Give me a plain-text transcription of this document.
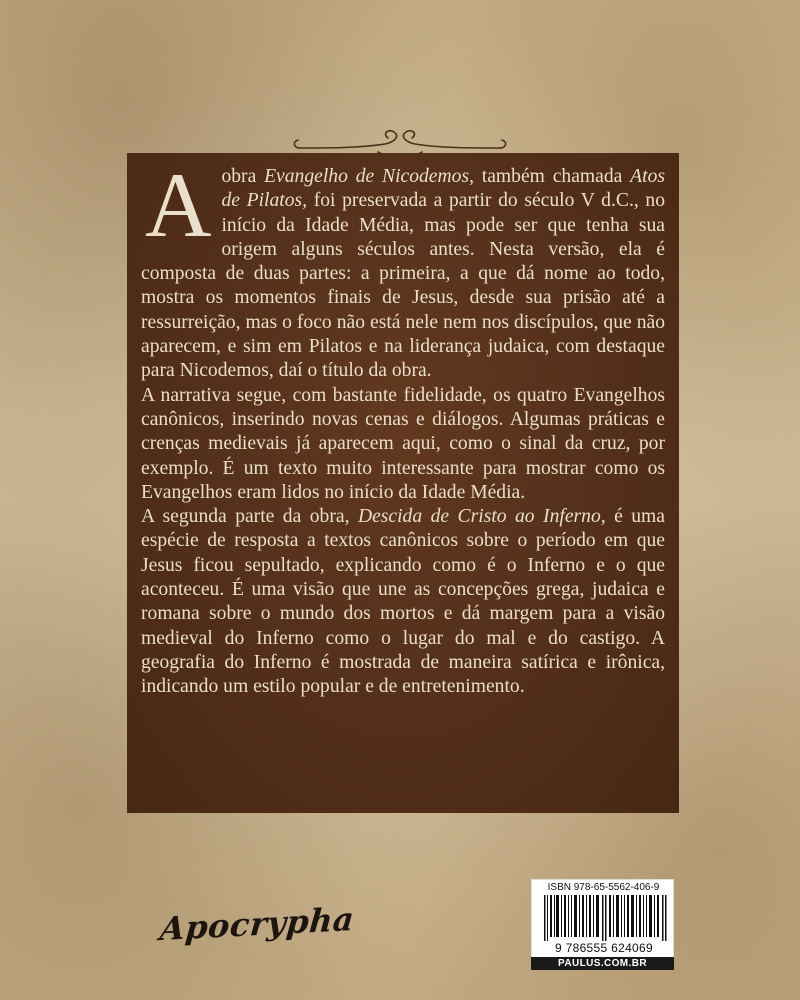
Aobra Evangelho de Nicodemos, também chamada Atos de Pilatos, foi preservada a partir do século V d.C., no início da Idade Média, mas pode ser que tenha sua origem alguns séculos antes. Nesta versão, ela é composta de duas partes: a primeira, a que dá nome ao todo, mostra os momentos finais de Jesus, desde sua prisão até a ressurreição, mas o foco não está nele nem nos discípulos, que não aparecem, e sim em Pilatos e na liderança judaica, com destaque para Nicodemos, daí o título da obra.

A narrativa segue, com bastante fidelidade, os quatro Evangelhos canônicos, inserindo novas cenas e diálogos. Algumas práticas e crenças medievais já aparecem aqui, como o sinal da cruz, por exemplo. É um texto muito interessante para mostrar como os Evangelhos eram lidos no início da Idade Média.

A segunda parte da obra, Descida de Cristo ao Inferno, é uma espécie de resposta a textos canônicos sobre o período em que Jesus ficou sepultado, explicando como é o Inferno e o que aconteceu. É uma visão que une as concepções grega, judaica e romana sobre o mundo dos mortos e dá margem para a visão medieval do Inferno como o lugar do mal e do castigo. A geografia do Inferno é mostrada de maneira satírica e irônica, indicando um estilo popular e de entretenimento.

Apocrypha
ISBN 978-65-5562-406-9
9 786555 624069
PAULUS.COM.BR
